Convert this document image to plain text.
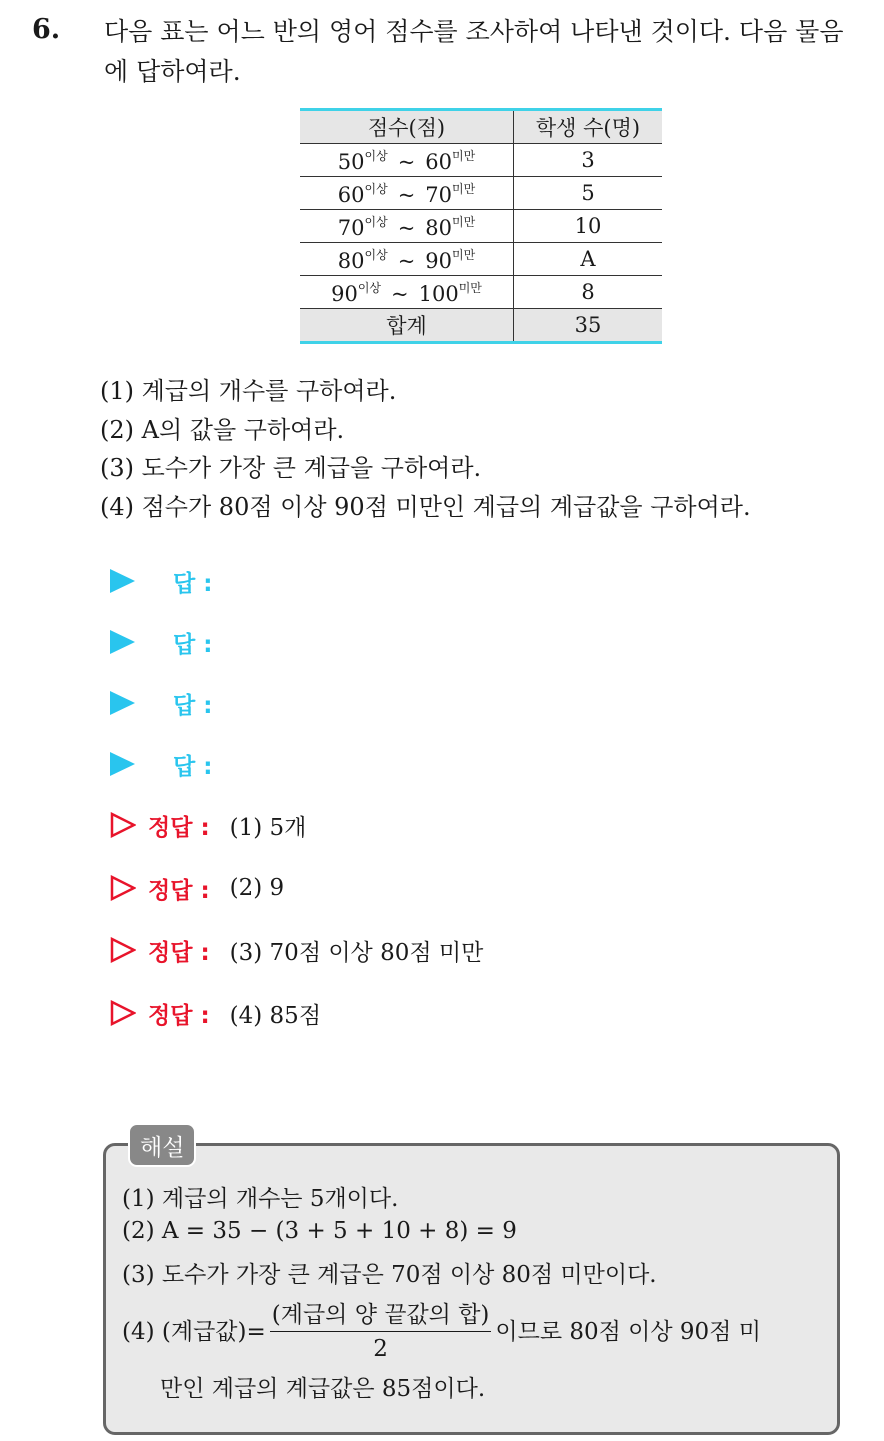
6. 다음 표는 어느 반의 영어 점수를 조사하여 나타낸 것이다. 다음 물음에 답하여라.
점수(점)	학생 수(명)
$50^{이상}$ ~ $60^{미만}$	3
$60^{이상}$ ~ $70^{미만}$	5
$70^{이상}$ ~ $80^{미만}$	10
$80^{이상}$ ~ $90^{미만}$	A
$90^{이상}$ ~ $100^{미만}$	8
합계	35
(1) 계급의 개수를 구하여라.
(2) A의 값을 구하여라.
(3) 도수가 가장 큰 계급을 구하여라.
(4) 점수가 80점 이상 90점 미만인 계급의 계급값을 구하여라.
답 :
답 :
답 :
답 :
정답 : (1) 5개
정답 : (2) 9
정답 : (3) 70점 이상 80점 미만
정답 : (4) 85점
해설
(1) 계급의 개수는 5개이다.
(2) A = 35 − (3 + 5 + 10 + 8) = 9
(3) 도수가 가장 큰 계급은 70점 이상 80점 미만이다.
(4) (계급값)= $\frac{\text{(계급의 양 끝값의 합)}}{2}$ 이므로 80점 이상 90점 미
만인 계급의 계급값은 85점이다.
